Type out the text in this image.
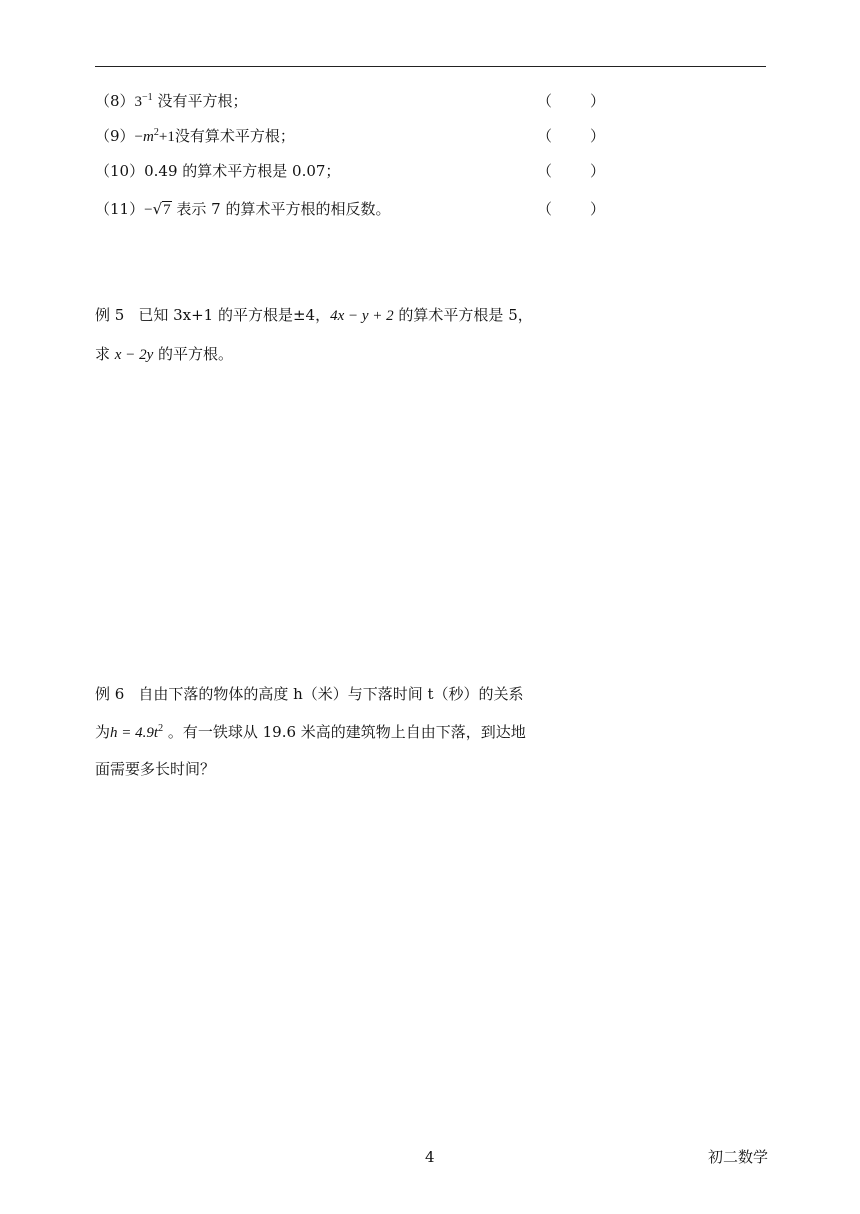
$(8)3^{-1}$ 没有平方根；	（	）
$(9)-m^2+1$没有算术平方根；	（	）
（10）0.49 的算术平方根是 0.07；	（	）
（11）−√7 表示 7 的算术平方根的相反数。	（	）
例 5 已知 3x+1 的平方根是±4，4x − y + 2 的算术平方根是 5，
求 x − 2y 的平方根。
例 6 自由下落的物体的高度 h（米）与下落时间 t（秒）的关系
为$h = 4.9t^2$ 。有一铁球从 19.6 米高的建筑物上自由下落，到达地
面需要多长时间？
4	初二数学
